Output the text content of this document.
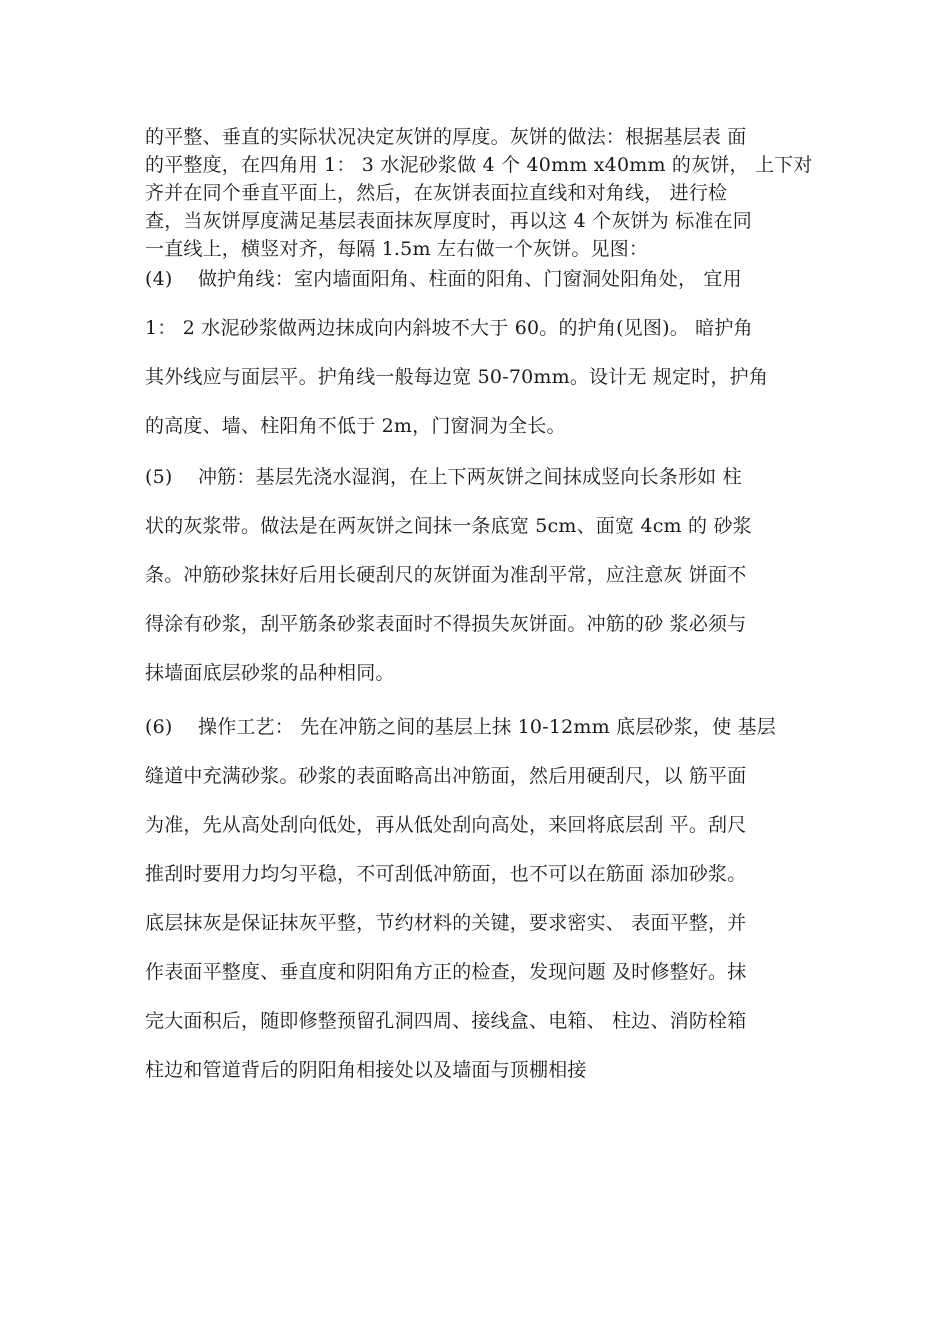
的平整、垂直的实际状况决定灰饼的厚度。灰饼的做法：根据基层表 面
的平整度，在四角用 1： 3 水泥砂浆做 4 个 40mm x40mm 的灰饼， 上下对
齐并在同个垂直平面上，然后，在灰饼表面拉直线和对角线， 进行检
查，当灰饼厚度满足基层表面抹灰厚度时，再以这 4 个灰饼为 标准在同
一直线上，横竖对齐，每隔 1.5m 左右做一个灰饼。见图：
(4)　 做护角线：室内墙面阳角、柱面的阳角、门窗洞处阳角处， 宜用
1： 2 水泥砂浆做两边抹成向内斜坡不大于 60。的护角(见图)。 暗护角
其外线应与面层平。护角线一般每边宽 50-70mm。设计无 规定时，护角
的高度、墙、柱阳角不低于 2m，门窗洞为全长。
(5)　 冲筋：基层先浇水湿润，在上下两灰饼之间抹成竖向长条形如 柱
状的灰浆带。做法是在两灰饼之间抹一条底宽 5cm、面宽 4cm 的 砂浆
条。冲筋砂浆抹好后用长硬刮尺的灰饼面为准刮平常，应注意灰 饼面不
得涂有砂浆，刮平筋条砂浆表面时不得损失灰饼面。冲筋的砂 浆必须与
抹墙面底层砂浆的品种相同。
(6)　 操作工艺： 先在冲筋之间的基层上抹 10-12mm 底层砂浆，使 基层
缝道中充满砂浆。砂浆的表面略高出冲筋面，然后用硬刮尺，以 筋平面
为准，先从高处刮向低处，再从低处刮向高处，来回将底层刮 平。刮尺
推刮时要用力均匀平稳，不可刮低冲筋面，也不可以在筋面 添加砂浆。
底层抹灰是保证抹灰平整，节约材料的关键，要求密实、 表面平整，并
作表面平整度、垂直度和阴阳角方正的检查，发现问题 及时修整好。抹
完大面积后，随即修整预留孔洞四周、接线盒、电箱、 柱边、消防栓箱
柱边和管道背后的阴阳角相接处以及墙面与顶棚相接
